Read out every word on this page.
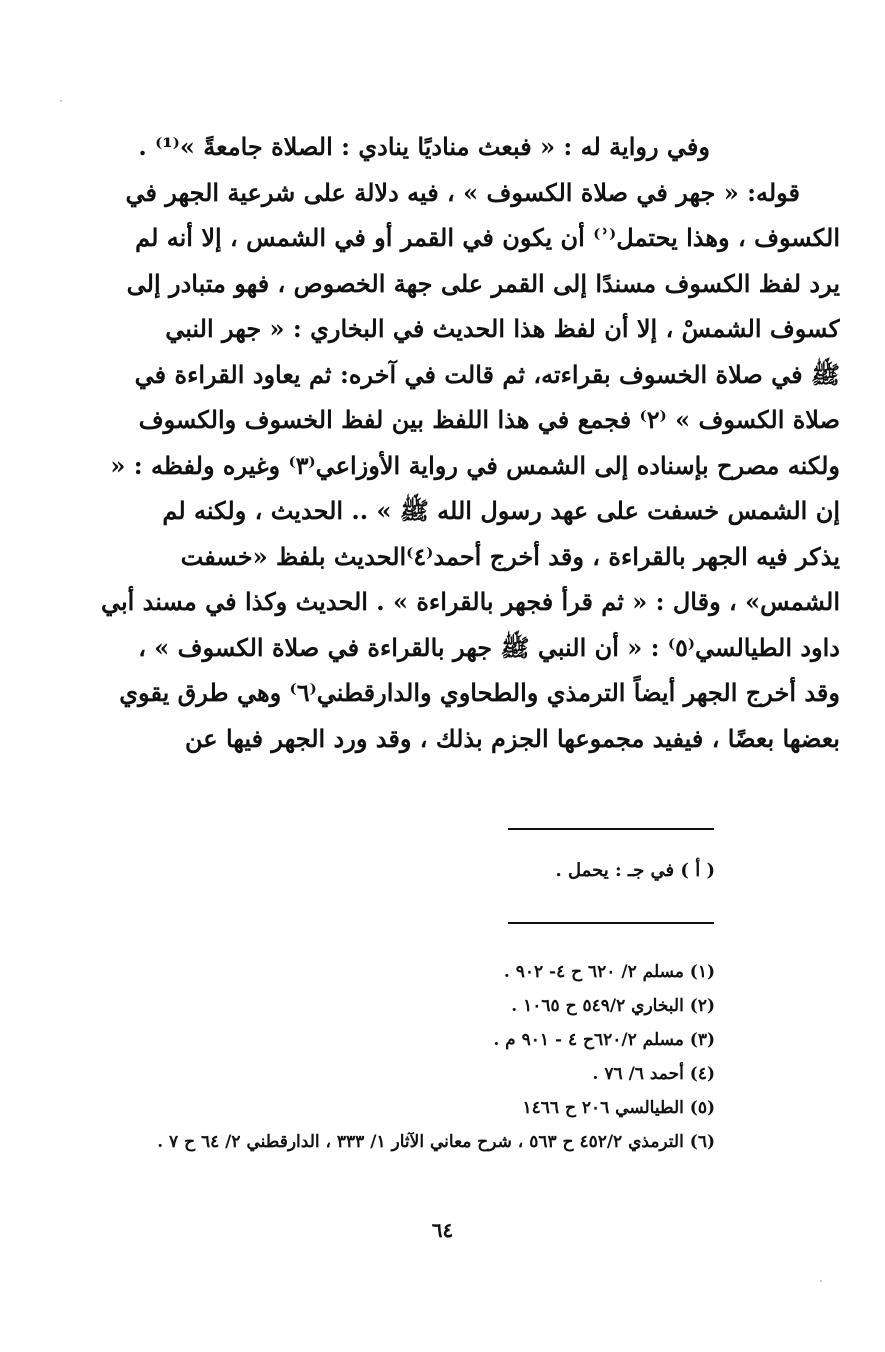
وفي رواية له : « فبعث مناديًا ينادي : الصلاة جامعةً »⁽¹⁾ .
قوله: « جهر في صلاة الكسوف » ، فيه دلالة على شرعية الجهر في
الكسوف ، وهذا يحتمل⁽ʾ⁾ أن يكون في القمر أو في الشمس ، إلا أنه لم
يرد لفظ الكسوف مسندًا إلى القمر على جهة الخصوص ، فهو متبادر إلى
كسوف الشمسْ ، إلا أن لفظ هذا الحديث في البخاري : « جهر النبي
ﷺ في صلاة الخسوف بقراءته، ثم قالت في آخره: ثم يعاود القراءة في
صلاة الكسوف » ⁽٢⁾ فجمع في هذا اللفظ بين لفظ الخسوف والكسوف
ولكنه مصرح بإسناده إلى الشمس في رواية الأوزاعي⁽٣⁾ وغيره ولفظه : «
إن الشمس خسفت على عهد رسول الله ﷺ » .. الحديث ، ولكنه لم
يذكر فيه الجهر بالقراءة ، وقد أخرج أحمد⁽٤⁾الحديث بلفظ «خسفت
الشمس» ، وقال : « ثم قرأ فجهر بالقراءة » . الحديث وكذا في مسند أبي
داود الطيالسي⁽٥⁾ : « أن النبي ﷺ جهر بالقراءة في صلاة الكسوف » ،
وقد أخرج الجهر أيضاً الترمذي والطحاوي والدارقطني⁽٦⁾ وهي طرق يقوي
بعضها بعضًا ، فيفيد مجموعها الجزم بذلك ، وقد ورد الجهر فيها عن
( أ ) في جـ : يحمل .
(١) مسلم ٢/ ٦٢٠ ح ٤- ٩٠٢ .
(٢) البخاري ٥٤٩/٢ ح ١٠٦٥ .
(٣) مسلم ٦٢٠/٢ح ٤ - ٩٠١ م .
(٤) أحمد ٦/ ٧٦ .
(٥) الطيالسي ٢٠٦ ح ١٤٦٦
(٦) الترمذي ٤٥٢/٢ ح ٥٦٣ ، شرح معاني الآثار ١/ ٣٣٣ ، الدارقطني ٢/ ٦٤ ح ٧ .
٦٤
